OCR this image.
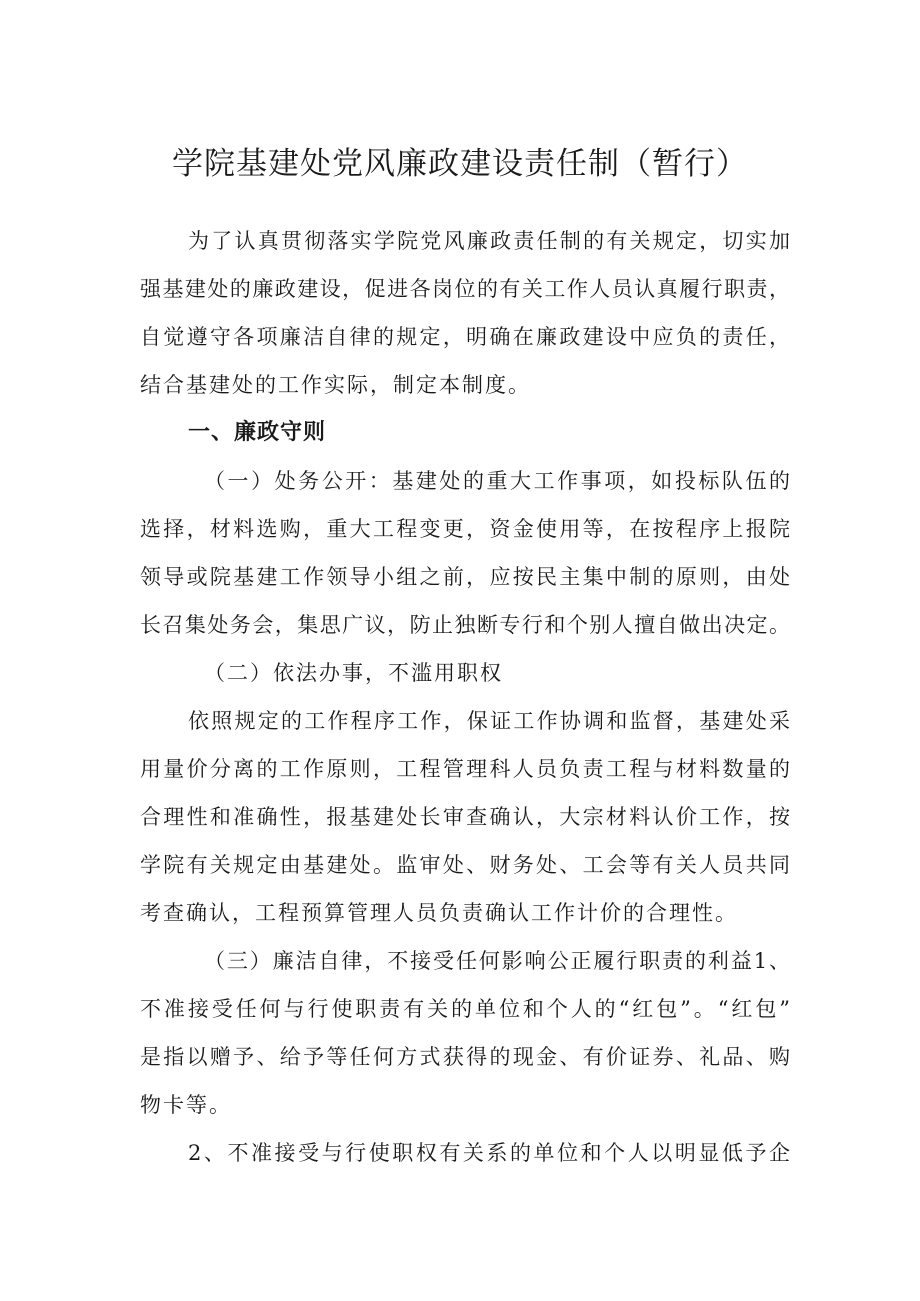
学院基建处党风廉政建设责任制（暂行）
为了认真贯彻落实学院党风廉政责任制的有关规定，切实加
强基建处的廉政建设，促进各岗位的有关工作人员认真履行职责，
自觉遵守各项廉洁自律的规定，明确在廉政建设中应负的责任，
结合基建处的工作实际，制定本制度。
一、廉政守则
（一）处务公开：基建处的重大工作事项，如投标队伍的
选择，材料选购，重大工程变更，资金使用等，在按程序上报院
领导或院基建工作领导小组之前，应按民主集中制的原则，由处
长召集处务会，集思广议，防止独断专行和个别人擅自做出决定。
（二）依法办事，不滥用职权
依照规定的工作程序工作，保证工作协调和监督，基建处采
用量价分离的工作原则，工程管理科人员负责工程与材料数量的
合理性和准确性，报基建处长审查确认，大宗材料认价工作，按
学院有关规定由基建处。监审处、财务处、工会等有关人员共同
考查确认，工程预算管理人员负责确认工作计价的合理性。
（三）廉洁自律，不接受任何影响公正履行职责的利益1、
不准接受任何与行使职责有关的单位和个人的“红包”。“红包”
是指以赠予、给予等任何方式获得的现金、有价证券、礼品、购
物卡等。
2、不准接受与行使职权有关系的单位和个人以明显低予企
